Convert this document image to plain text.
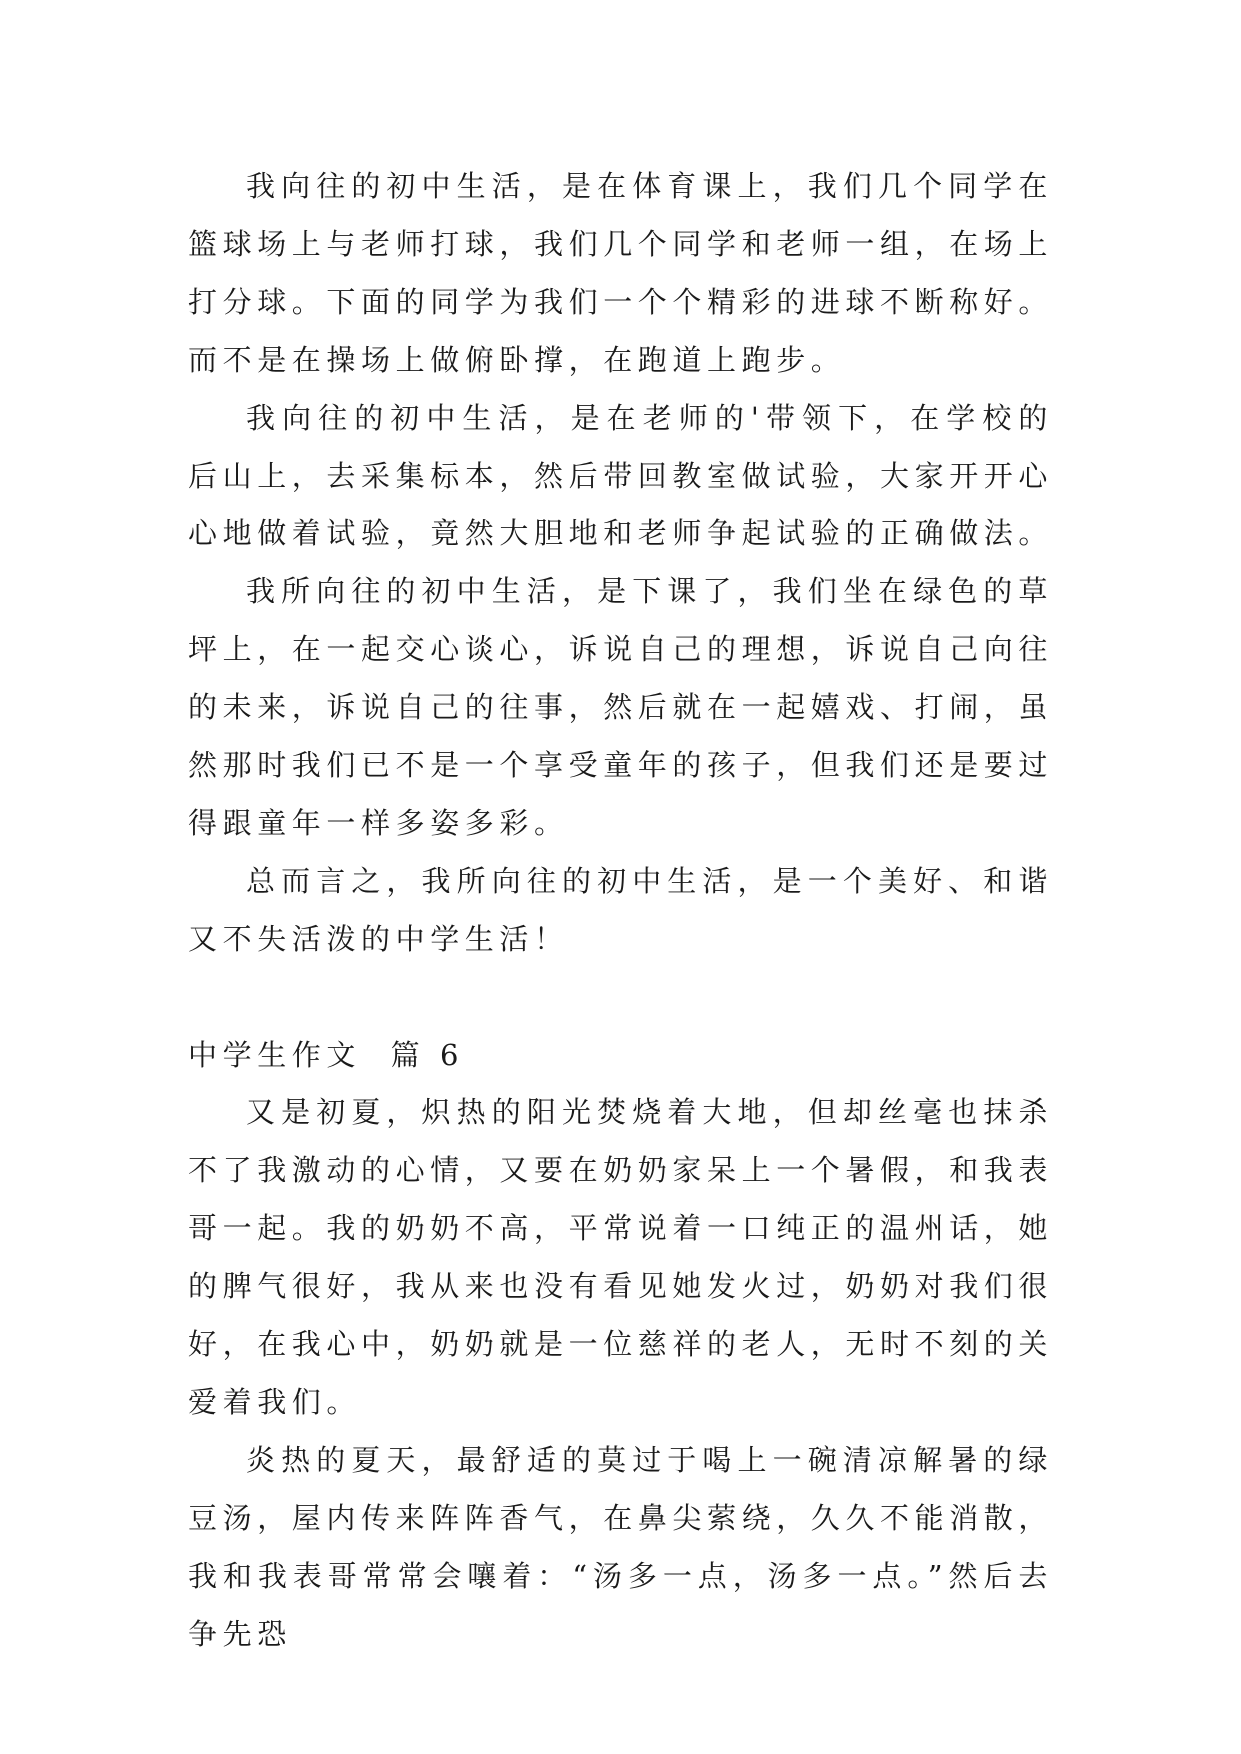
我向往的初中生活，是在体育课上，我们几个同学在篮球场上与老师打球，我们几个同学和老师一组，在场上打分球。下面的同学为我们一个个精彩的进球不断称好。而不是在操场上做俯卧撑，在跑道上跑步。

我向往的初中生活，是在老师的'带领下，在学校的后山上，去采集标本，然后带回教室做试验，大家开开心心地做着试验，竟然大胆地和老师争起试验的正确做法。

我所向往的初中生活，是下课了，我们坐在绿色的草坪上，在一起交心谈心，诉说自己的理想，诉说自己向往的未来，诉说自己的往事，然后就在一起嬉戏、打闹，虽然那时我们已不是一个享受童年的孩子，但我们还是要过得跟童年一样多姿多彩。

总而言之，我所向往的初中生活，是一个美好、和谐又不失活泼的中学生活！

中学生作文  篇 6

又是初夏，炽热的阳光焚烧着大地，但却丝毫也抹杀不了我激动的心情，又要在奶奶家呆上一个暑假，和我表哥一起。我的奶奶不高，平常说着一口纯正的温州话，她的脾气很好，我从来也没有看见她发火过，奶奶对我们很好，在我心中，奶奶就是一位慈祥的老人，无时不刻的关爱着我们。

炎热的夏天，最舒适的莫过于喝上一碗清凉解暑的绿豆汤，屋内传来阵阵香气，在鼻尖萦绕，久久不能消散，我和我表哥常常会嚷着：“汤多一点，汤多一点。”然后去争先恐
